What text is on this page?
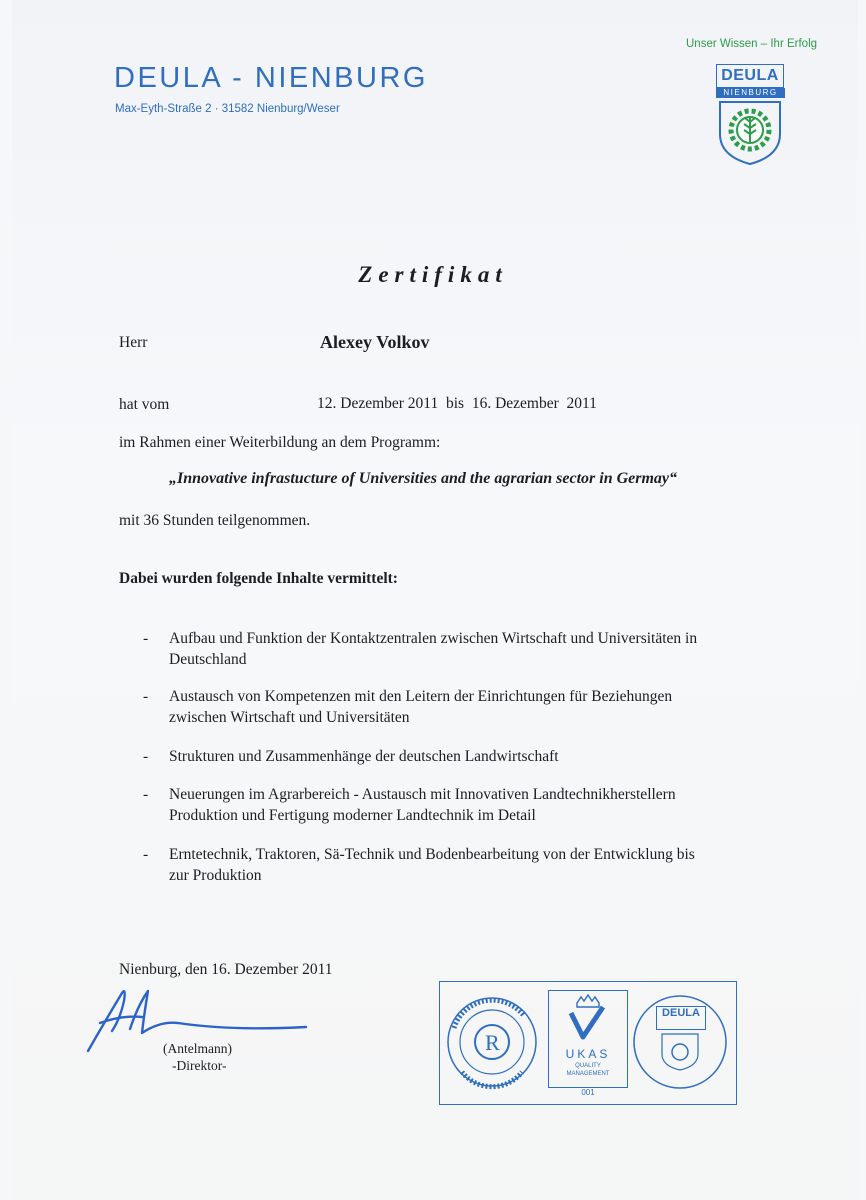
DEULA - NIENBURG
Max-Eyth-Straße 2 · 31582 Nienburg/Weser
Unser Wissen – Ihr Erfolg
DEULA
NIENBURG
Zertifikat
Herr	Alexey Volkov
hat vom	12. Dezember 2011  bis  16. Dezember  2011
im Rahmen einer Weiterbildung an dem Programm:
„Innovative infrastucture of Universities and the agrarian sector in Germay“
mit 36 Stunden teilgenommen.
Dabei wurden folgende Inhalte vermittelt:
- Aufbau und Funktion der Kontaktzentralen zwischen Wirtschaft und Universitäten in
Deutschland
- Austausch von Kompetenzen mit den Leitern der Einrichtungen für Beziehungen
zwischen Wirtschaft und Universitäten
- Strukturen und Zusammenhänge der deutschen Landwirtschaft
- Neuerungen im Agrarbereich - Austausch mit Innovativen Landtechnikherstellern
Produktion und Fertigung moderner Landtechnik im Detail
- Erntetechnik, Traktoren, Sä-Technik und Bodenbearbeitung von der Entwicklung bis
zur Produktion
Nienburg, den 16. Dezember 2011
(Antelmann)
-Direktor-
R	UKAS
QUALITY
MANAGEMENT
001
DEULA
